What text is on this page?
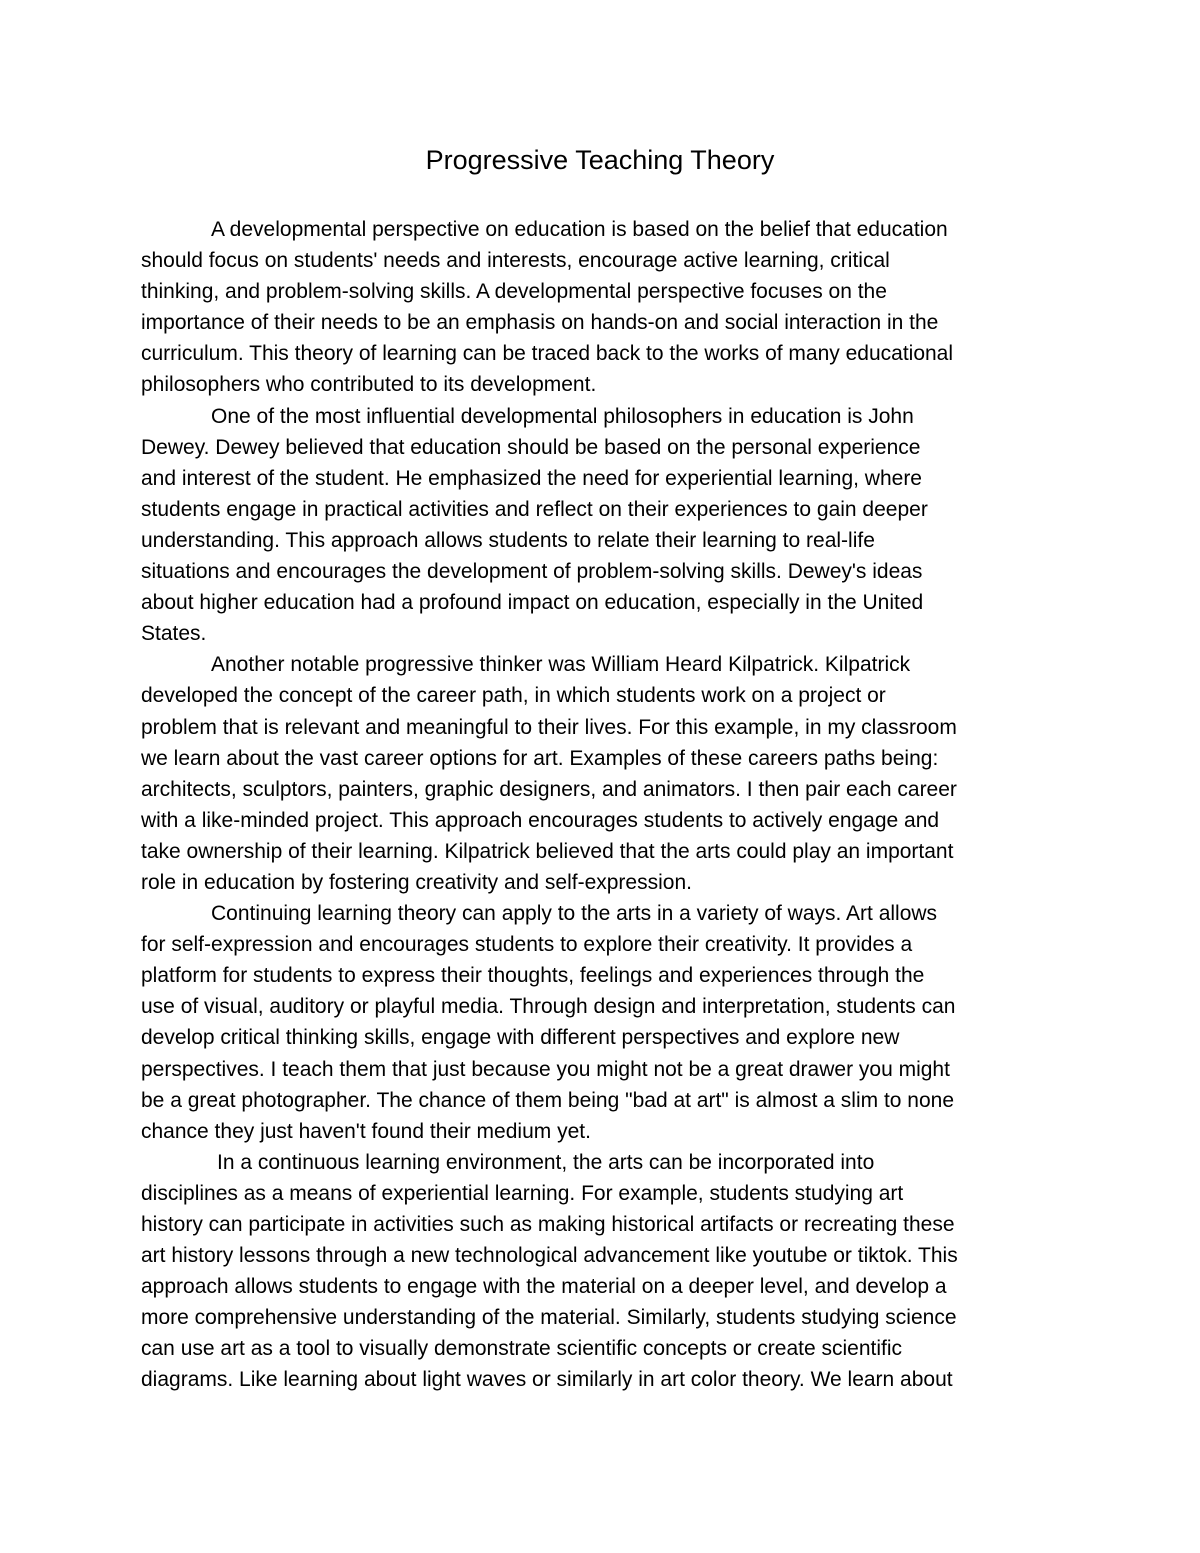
Progressive Teaching Theory
A developmental perspective on education is based on the belief that education
should focus on students' needs and interests, encourage active learning, critical
thinking, and problem-solving skills. A developmental perspective focuses on the
importance of their needs to be an emphasis on hands-on and social interaction in the
curriculum. This theory of learning can be traced back to the works of many educational
philosophers who contributed to its development.
One of the most influential developmental philosophers in education is John
Dewey. Dewey believed that education should be based on the personal experience
and interest of the student. He emphasized the need for experiential learning, where
students engage in practical activities and reflect on their experiences to gain deeper
understanding. This approach allows students to relate their learning to real-life
situations and encourages the development of problem-solving skills. Dewey's ideas
about higher education had a profound impact on education, especially in the United
States.
Another notable progressive thinker was William Heard Kilpatrick. Kilpatrick
developed the concept of the career path, in which students work on a project or
problem that is relevant and meaningful to their lives. For this example, in my classroom
we learn about the vast career options for art. Examples of these careers paths being:
architects, sculptors, painters, graphic designers, and animators. I then pair each career
with a like-minded project. This approach encourages students to actively engage and
take ownership of their learning. Kilpatrick believed that the arts could play an important
role in education by fostering creativity and self-expression.
Continuing learning theory can apply to the arts in a variety of ways. Art allows
for self-expression and encourages students to explore their creativity. It provides a
platform for students to express their thoughts, feelings and experiences through the
use of visual, auditory or playful media. Through design and interpretation, students can
develop critical thinking skills, engage with different perspectives and explore new
perspectives. I teach them that just because you might not be a great drawer you might
be a great photographer. The chance of them being "bad at art" is almost a slim to none
chance they just haven't found their medium yet.
In a continuous learning environment, the arts can be incorporated into
disciplines as a means of experiential learning. For example, students studying art
history can participate in activities such as making historical artifacts or recreating these
art history lessons through a new technological advancement like youtube or tiktok. This
approach allows students to engage with the material on a deeper level, and develop a
more comprehensive understanding of the material. Similarly, students studying science
can use art as a tool to visually demonstrate scientific concepts or create scientific
diagrams. Like learning about light waves or similarly in art color theory. We learn about
